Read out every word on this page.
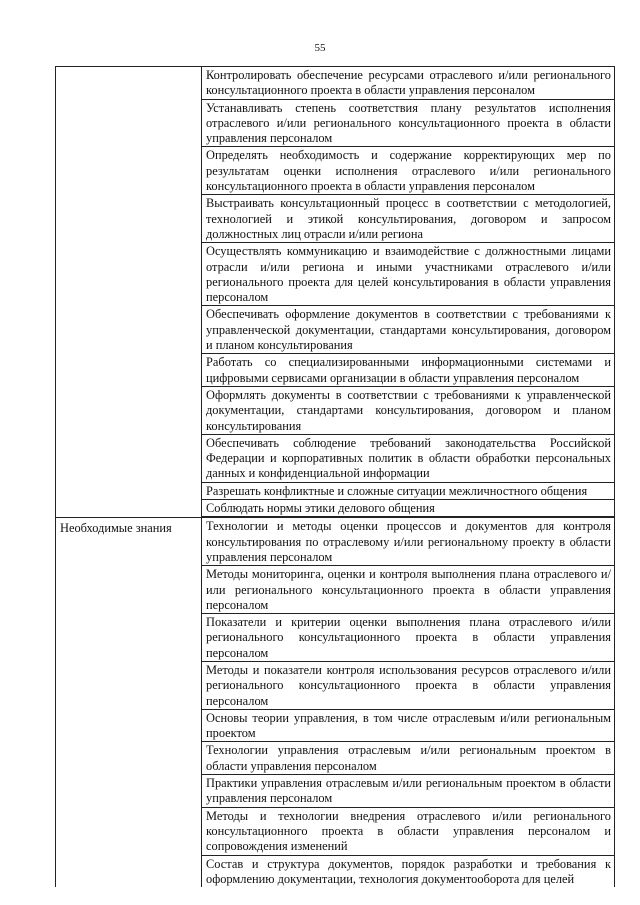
55
Контролировать обеспечение ресурсами отраслевого и/или регионального консультационного проекта в области управления персоналом
Устанавливать степень соответствия плану результатов исполнения отраслевого и/или регионального консультационного проекта в области управления персоналом
Определять необходимость и содержание корректирующих мер по результатам оценки исполнения отраслевого и/или регионального консультационного проекта в области управления персоналом
Выстраивать консультационный процесс в соответствии с методологией, технологией и этикой консультирования, договором и запросом должностных лиц отрасли и/или региона
Осуществлять коммуникацию и взаимодействие с должностными лицами отрасли и/или региона и иными участниками отраслевого и/или регионального проекта для целей консультирования в области управления персоналом
Обеспечивать оформление документов в соответствии с требованиями к управленческой документации, стандартами консультирования, договором и планом консультирования
Работать со специализированными информационными системами и цифровыми сервисами организации в области управления персоналом
Оформлять документы в соответствии с требованиями к управленческой документации, стандартами консультирования, договором и планом консультирования
Обеспечивать соблюдение требований законодательства Российской Федерации и корпоративных политик в области обработки персональных данных и конфиденциальной информации
Разрешать конфликтные и сложные ситуации межличностного общения
Соблюдать нормы этики делового общения
Необходимые знания	Технологии и методы оценки процессов и документов для контроля консультирования по отраслевому и/или региональному проекту в области управления персоналом
Методы мониторинга, оценки и контроля выполнения плана отраслевого и/или регионального консультационного проекта в области управления персоналом
Показатели и критерии оценки выполнения плана отраслевого и/или регионального консультационного проекта в области управления персоналом
Методы и показатели контроля использования ресурсов отраслевого и/или регионального консультационного проекта в области управления персоналом
Основы теории управления, в том числе отраслевым и/или региональным проектом
Технологии управления отраслевым и/или региональным проектом в области управления персоналом
Практики управления отраслевым и/или региональным проектом в области управления персоналом
Методы и технологии внедрения отраслевого и/или регионального консультационного проекта в области управления персоналом и сопровождения изменений
Состав и структура документов, порядок разработки и требования к оформлению документации, технология документооборота для целей
